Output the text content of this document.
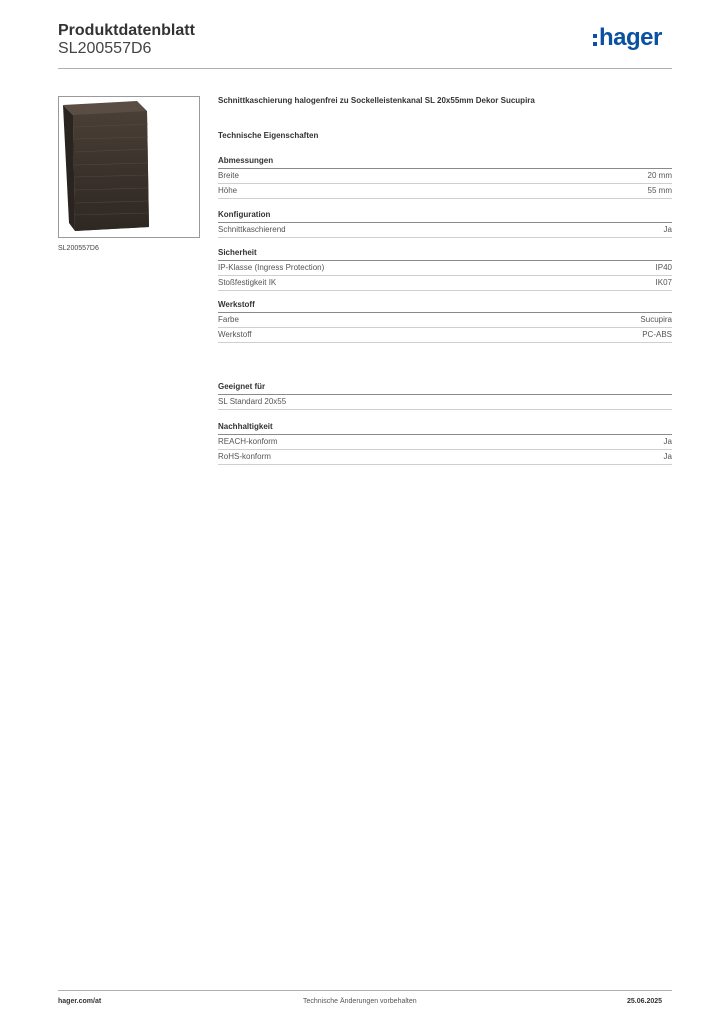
Produktdatenblatt
SL200557D6	hager
SL200557D6
Schnittkaschierung halogenfrei zu Sockelleistenkanal SL 20x55mm Dekor Sucupira
Technische Eigenschaften
Abmessungen
Breite	20 mm
Höhe	55 mm
Konfiguration
Schnittkaschierend	Ja
Sicherheit
IP-Klasse (Ingress Protection)	IP40
Stoßfestigkeit IK	IK07
Werkstoff
Farbe	Sucupira
Werkstoff	PC-ABS
Geeignet für
SL Standard 20x55
Nachhaltigkeit
REACH-konform	Ja
RoHS-konform	Ja
hager.com/at	Technische Änderungen vorbehalten	25.06.2025
